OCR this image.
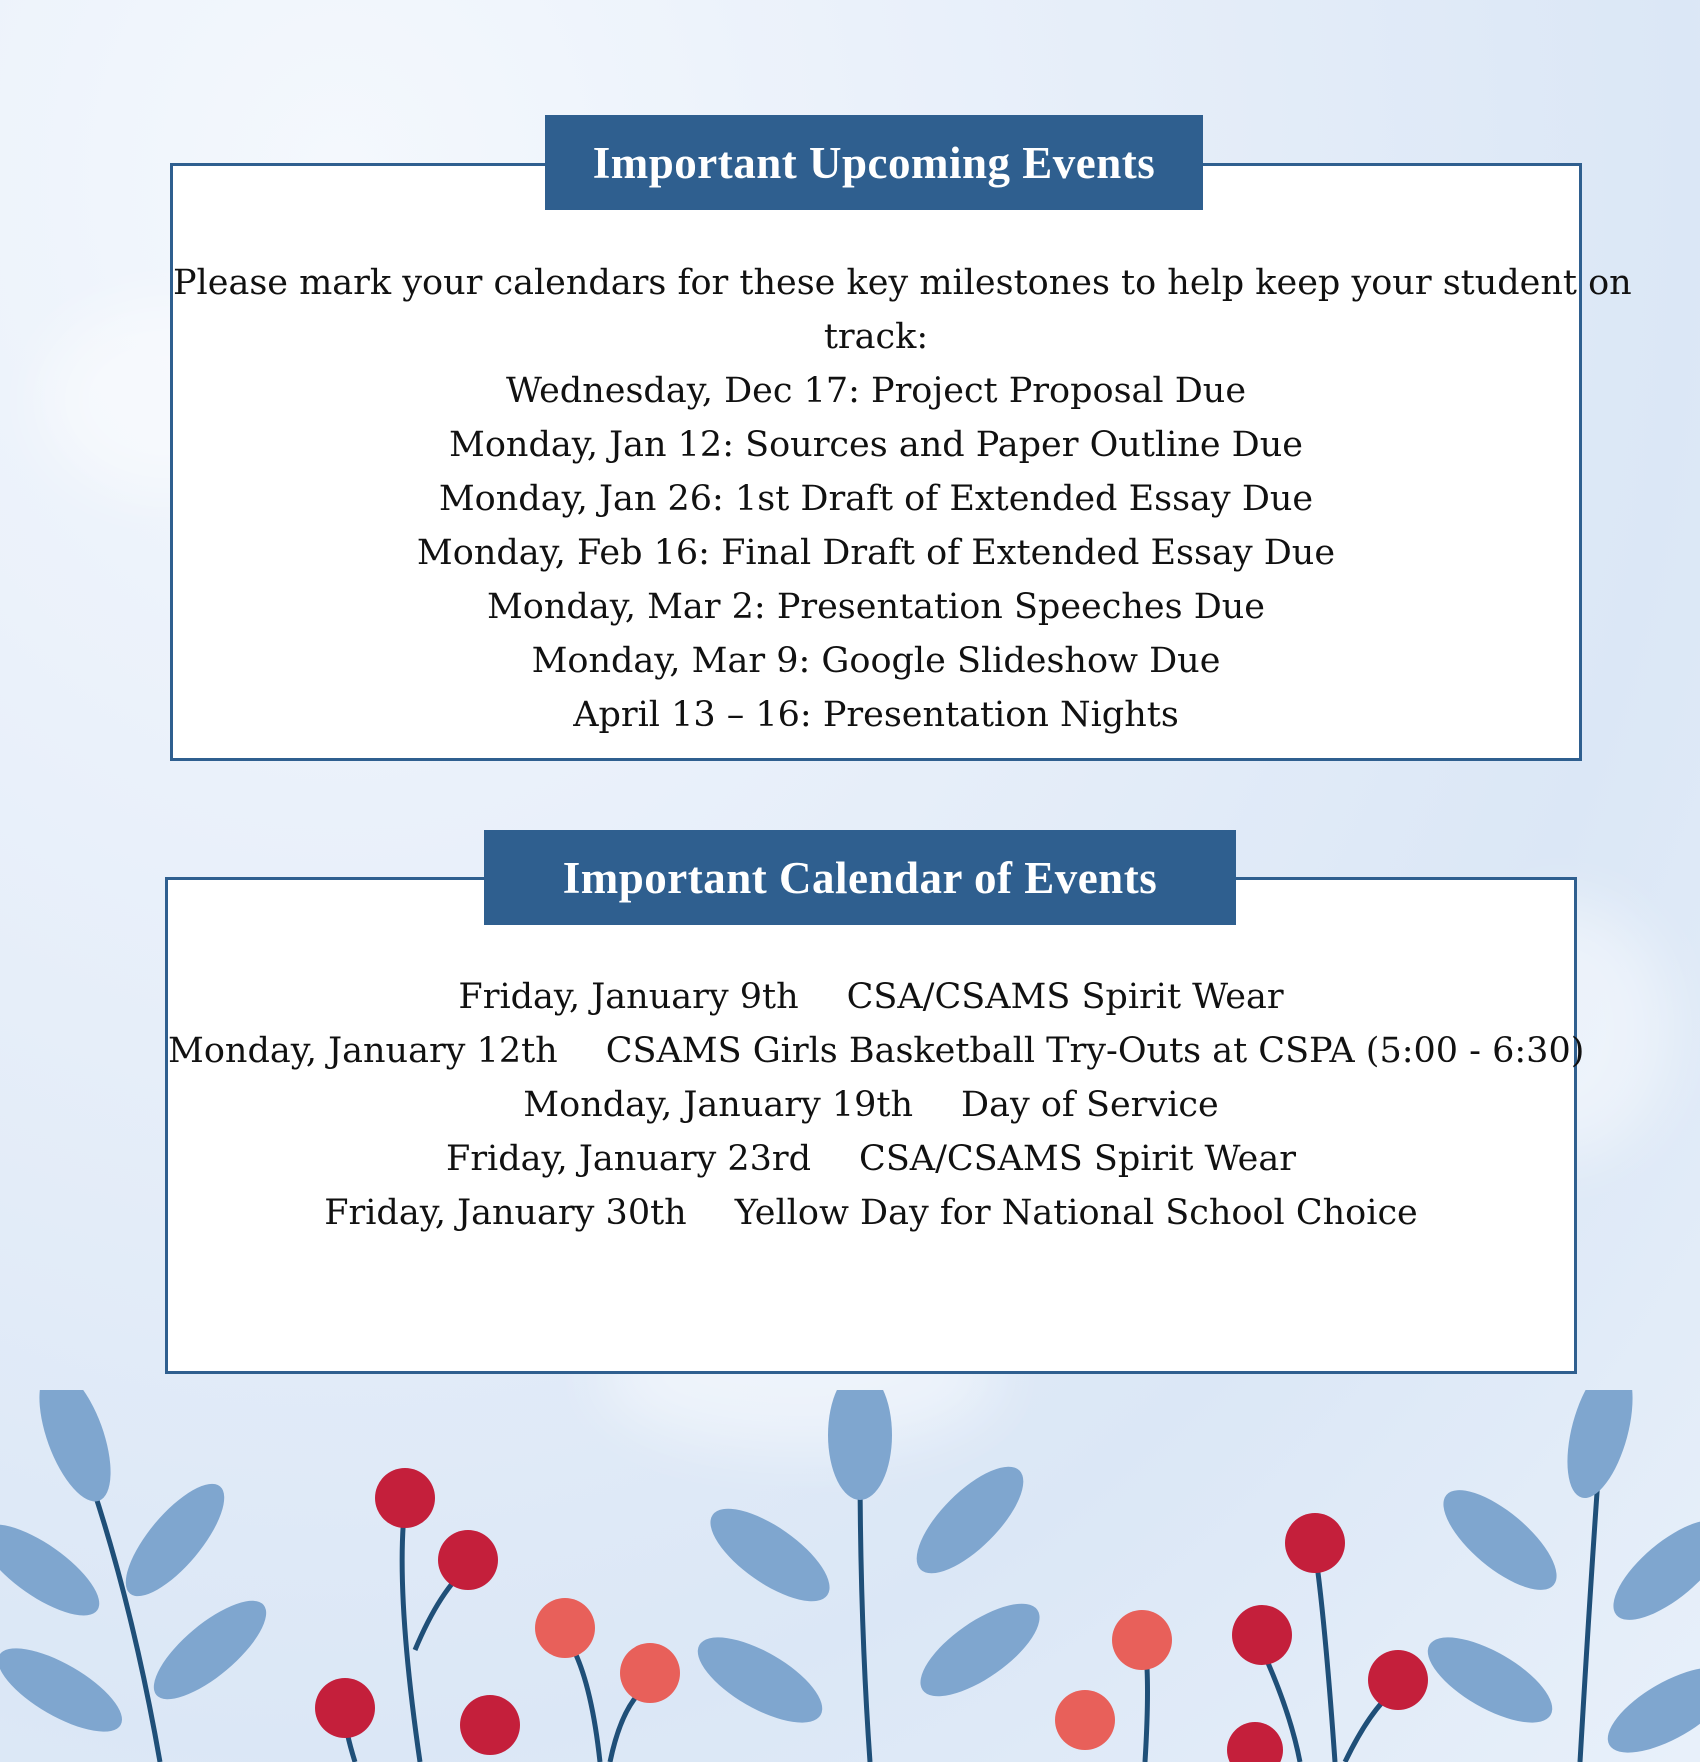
Please mark your calendars for these key milestones to help keep your student on
track:
Wednesday, Dec 17: Project Proposal Due
Monday, Jan 12: Sources and Paper Outline Due
Monday, Jan 26: 1st Draft of Extended Essay Due
Monday, Feb 16: Final Draft of Extended Essay Due
Monday, Mar 2: Presentation Speeches Due
Monday, Mar 9: Google Slideshow Due
April 13 – 16: Presentation Nights
Important Upcoming Events
Friday, January 9th CSA/CSAMS Spirit Wear
Monday, January 12th CSAMS Girls Basketball Try-Outs at CSPA (5:00 - 6:30)
Monday, January 19th Day of Service
Friday, January 23rd CSA/CSAMS Spirit Wear
Friday, January 30th Yellow Day for National School Choice
Important Calendar of Events
